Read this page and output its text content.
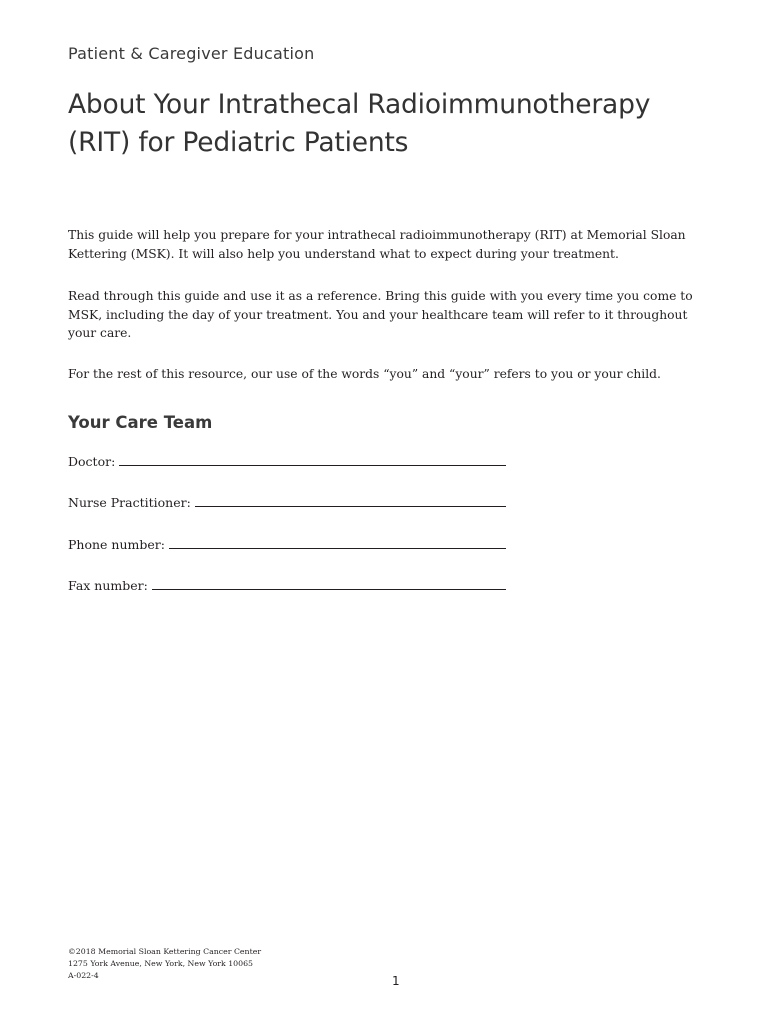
Patient & Caregiver Education
About Your Intrathecal Radioimmunotherapy
(RIT) for Pediatric Patients

This guide will help you prepare for your intrathecal radioimmunotherapy (RIT) at Memorial Sloan Kettering (MSK). It will also help you understand what to expect during your treatment.

Read through this guide and use it as a reference. Bring this guide with you every time you come to MSK, including the day of your treatment. You and your healthcare team will refer to it throughout your care.

For the rest of this resource, our use of the words “you” and “your” refers to you or your child.

Your Care Team
Doctor:
Nurse Practitioner:
Phone number:
Fax number:
©2018 Memorial Sloan Kettering Cancer Center
1275 York Avenue, New York, New York 10065
A-022-4	1
